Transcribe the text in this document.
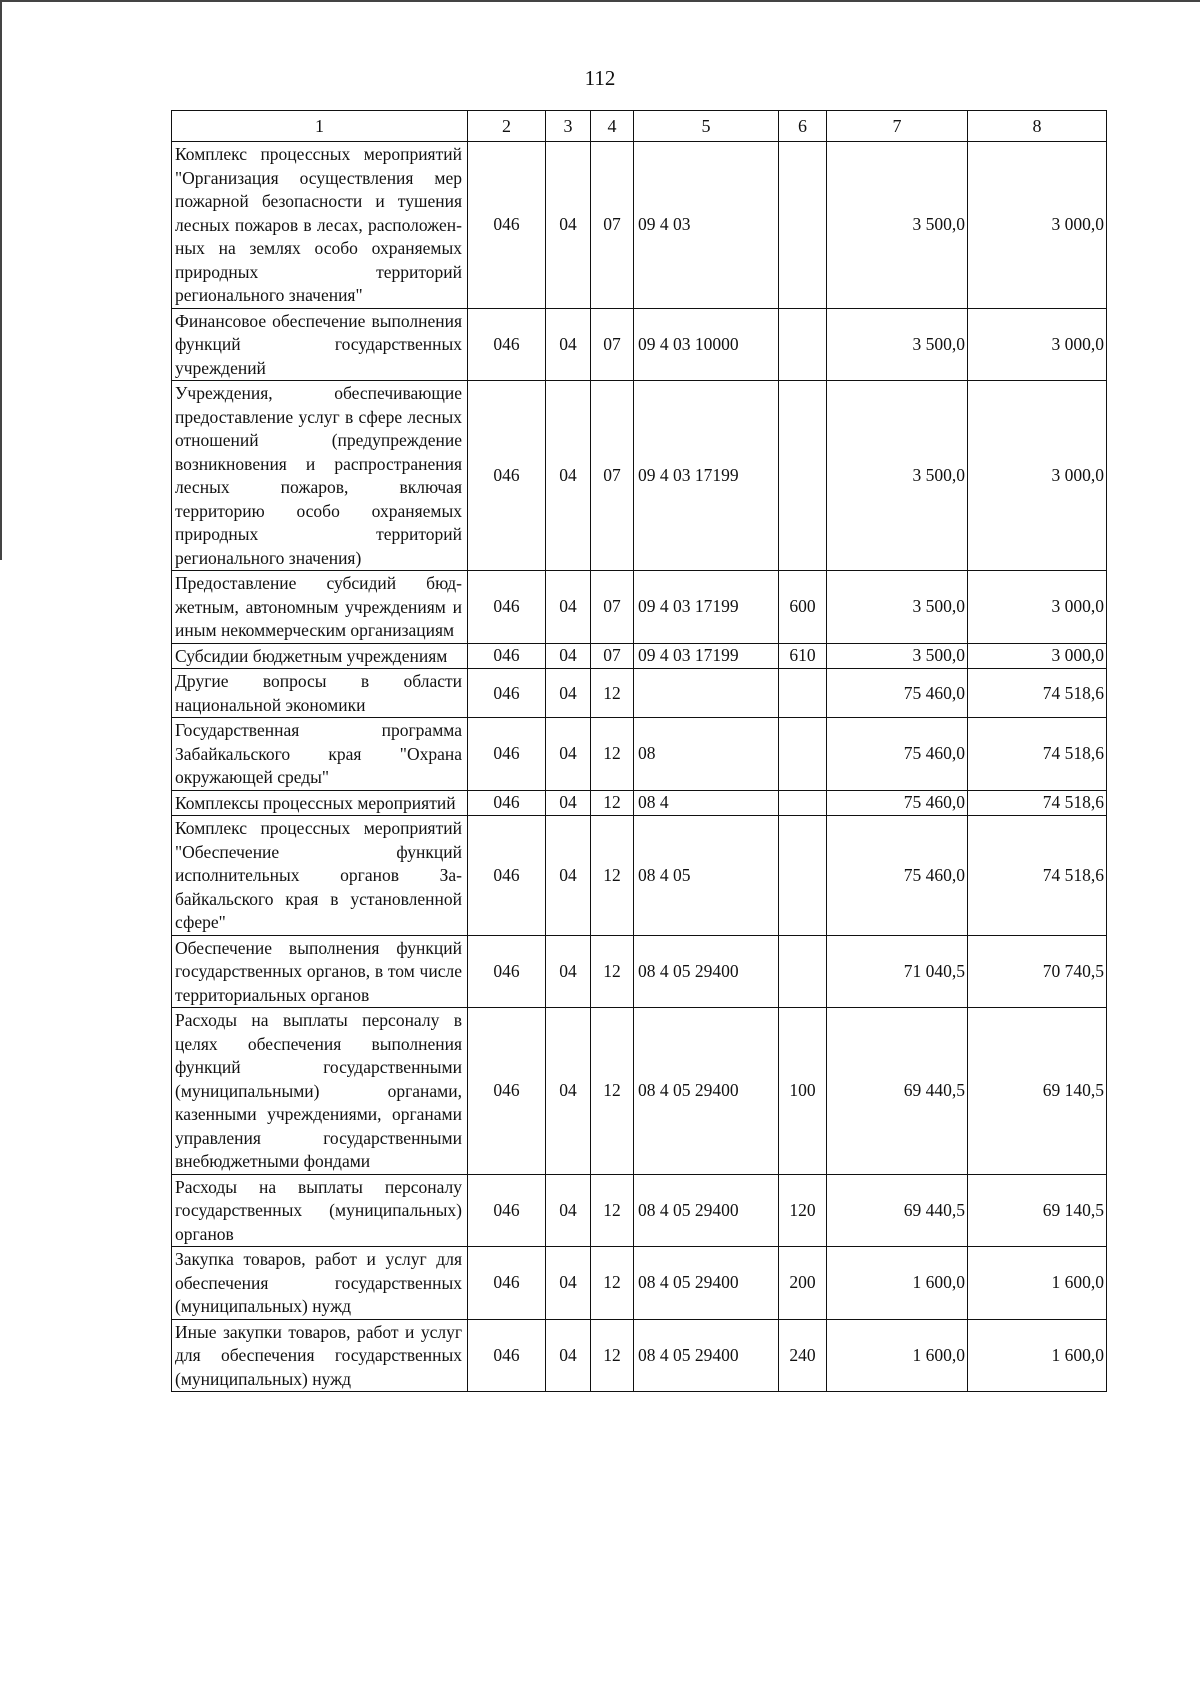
112
1	2	3	4	5	6	7	8
Комплекс процессных мероприятий "Организация осуществления мер пожарной безопасности и тушения лесных пожаров в лесах, расположенных на землях особо охраняемых природных территорий регионального значения"	046	04	07	09 4 03		3 500,0	3 000,0
Финансовое обеспечение выполнения функций государственных учреждений	046	04	07	09 4 03 10000		3 500,0	3 000,0
Учреждения, обеспечивающие предоставление услуг в сфере лесных отношений (предупреждение возникновения и распространения лесных пожаров, включая территорию особо охраняемых природных территорий регионального значения)	046	04	07	09 4 03 17199		3 500,0	3 000,0
Предоставление субсидий бюджетным, автономным учреждениям и иным некоммерческим организациям	046	04	07	09 4 03 17199	600	3 500,0	3 000,0
Субсидии бюджетным учреждениям	046	04	07	09 4 03 17199	610	3 500,0	3 000,0
Другие вопросы в области национальной экономики	046	04	12			75 460,0	74 518,6
Государственная программа Забайкальского края "Охрана окружающей среды"	046	04	12	08		75 460,0	74 518,6
Комплексы процессных мероприятий	046	04	12	08 4		75 460,0	74 518,6
Комплекс процессных мероприятий "Обеспечение функций исполнительных органов Забайкальского края в установленной сфере"	046	04	12	08 4 05		75 460,0	74 518,6
Обеспечение выполнения функций государственных органов, в том числе территориальных органов	046	04	12	08 4 05 29400		71 040,5	70 740,5
Расходы на выплаты персоналу в целях обеспечения выполнения функций государственными (муниципальными) органами, казенными учреждениями, органами управления государственными внебюджетными фондами	046	04	12	08 4 05 29400	100	69 440,5	69 140,5
Расходы на выплаты персоналу государственных (муниципальных) органов	046	04	12	08 4 05 29400	120	69 440,5	69 140,5
Закупка товаров, работ и услуг для обеспечения государственных (муниципальных) нужд	046	04	12	08 4 05 29400	200	1 600,0	1 600,0
Иные закупки товаров, работ и услуг для обеспечения государственных (муниципальных) нужд	046	04	12	08 4 05 29400	240	1 600,0	1 600,0
